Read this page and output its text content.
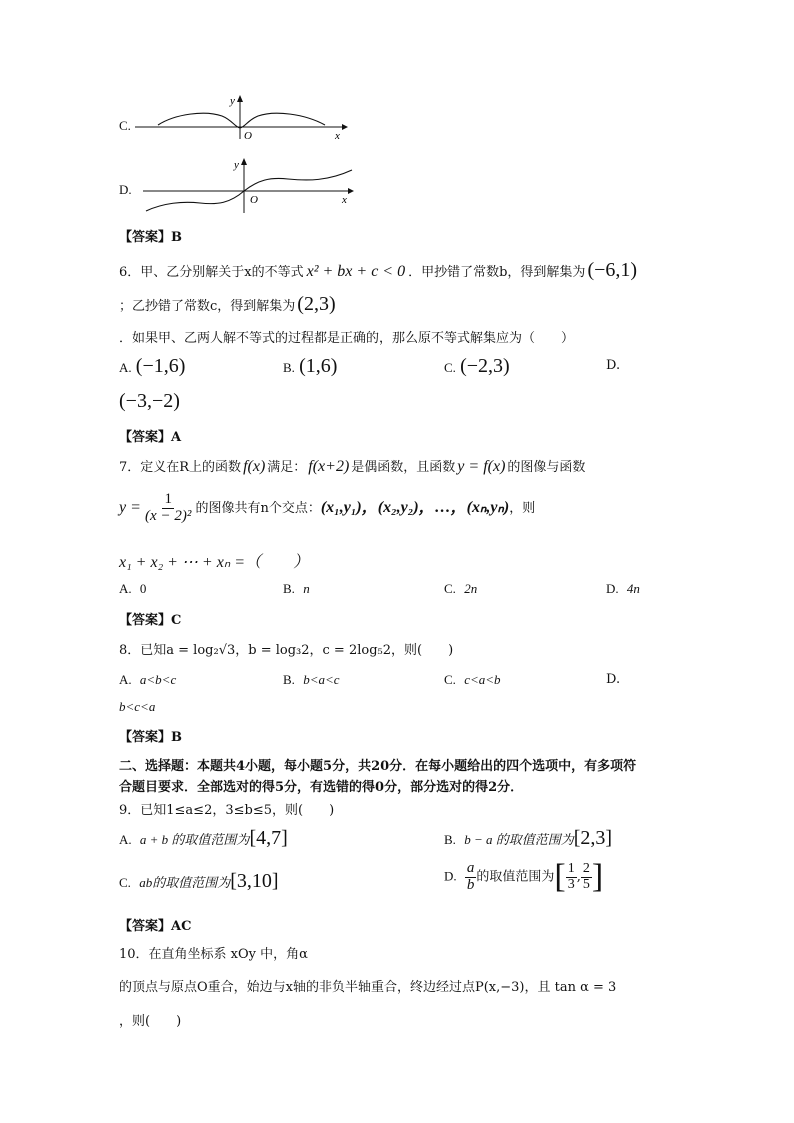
C.
y
O	x
D.
y
O	x
【答案】B
6．甲、乙分别解关于x的不等式 x² + bx + c < 0 ．甲抄错了常数b，得到解集为 (−6,1)
；乙抄错了常数c，得到解集为 (2,3)
．如果甲、乙两人解不等式的过程都是正确的，那么原不等式解集应为（　　）
A. (−1,6)	B. (1,6)	C. (−2,3)	D.
(−3,−2)
【答案】A
7．定义在R上的函数 f(x) 满足： f(x+2) 是偶函数，且函数 y = f(x) 的图像与函数
$y = \frac{1}{\text{(x − 2)²}}$ 的图像共有n个交点：(x₁,y₁)，(x₂,y₂)，…，(xₙ,yₙ)，则
x₁ + x₂ + ⋯ + xₙ =（　　）
A. 0	B. n	C. 2n	D. 4n
【答案】C
8．已知a = log₂√3，b = log₃2，c = 2log₅2，则(　　)
A. a<b<c	B. b<a<c	C. c<a<b	D.
b<c<a
【答案】B
二、选择题：本题共4小题，每小题5分，共20分．在每小题给出的四个选项中，有多项符
合题目要求．全部选对的得5分，有选错的得0分，部分选对的得2分．
9．已知1≤a≤2，3≤b≤5，则(　　)
A. a + b 的取值范围为[4,7]	B. b − a 的取值范围为[2,3]
C. ab的取值范围为[3,10]	D. $\frac{a}{b}$ 的取值范围为[ $\frac{1}{3}$ , $\frac{2}{5}$ ]
【答案】AC
10．在直角坐标系 xOy 中，角α
的顶点与原点O重合，始边与x轴的非负半轴重合，终边经过点P(x,−3)，且 tan α = 3
，则(　　)
